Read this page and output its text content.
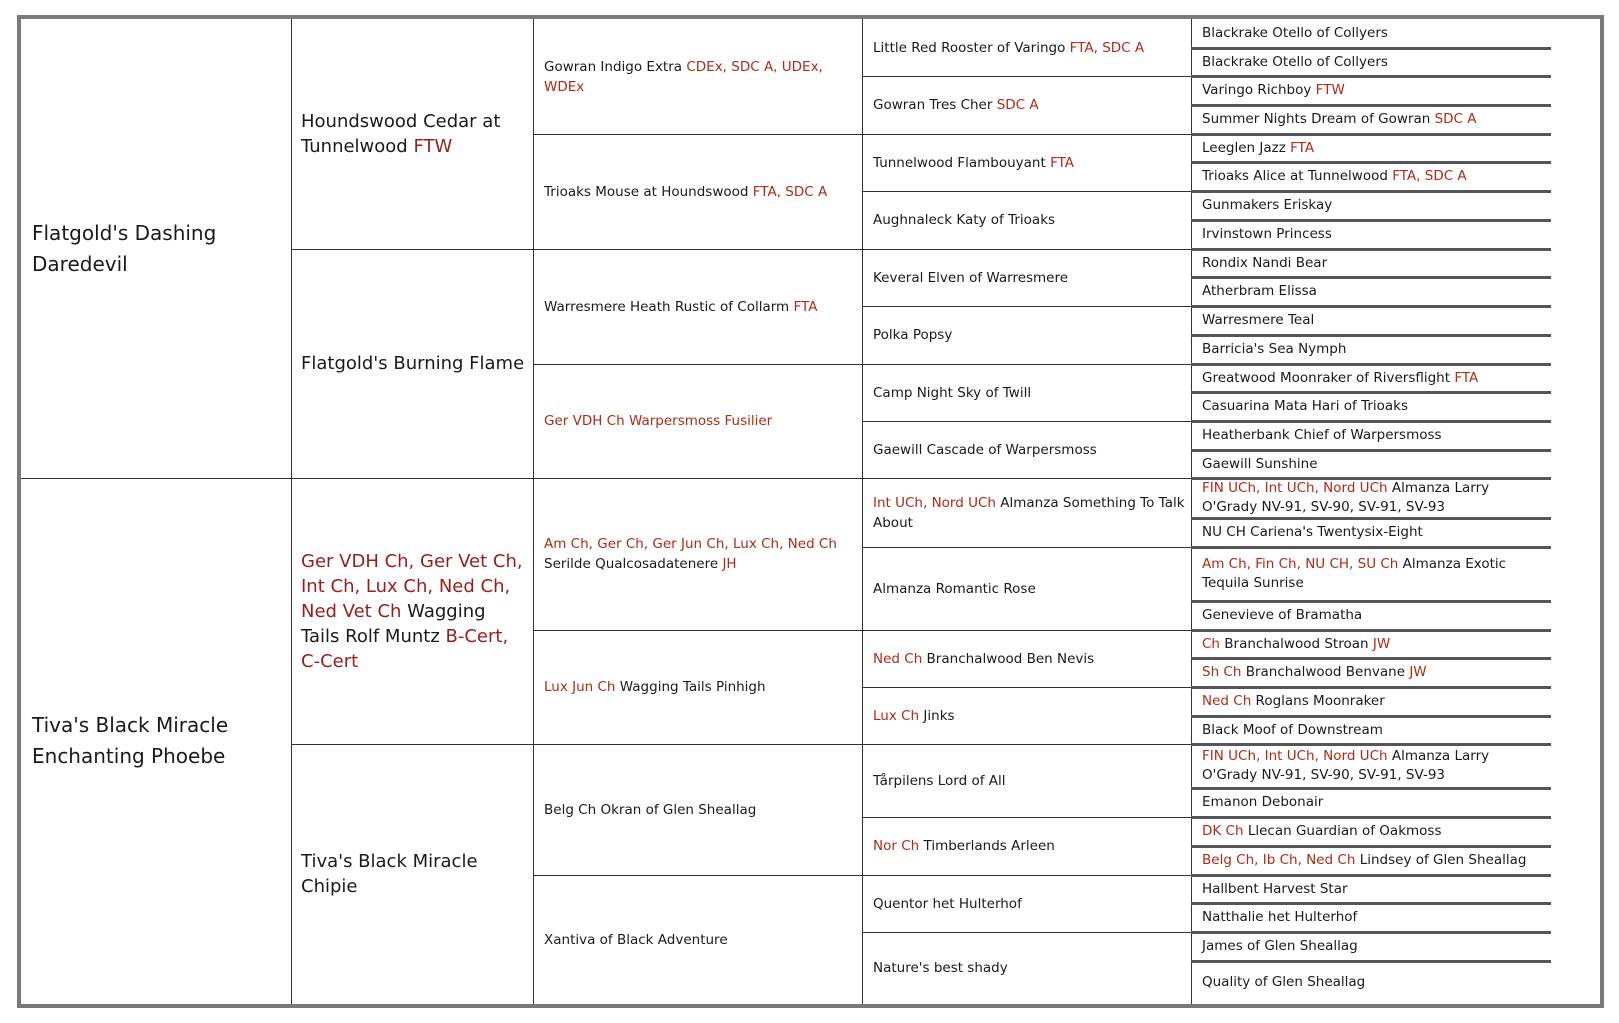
Flatgold's Dashing Daredevil
Tiva's Black Miracle Enchanting Phoebe
Houndswood Cedar at Tunnelwood FTW
Flatgold's Burning Flame
Ger VDH Ch, Ger Vet Ch, Int Ch, Lux Ch, Ned Ch, Ned Vet Ch Wagging Tails Rolf Muntz B-Cert, C-Cert
Tiva's Black Miracle Chipie
Gowran Indigo Extra CDEx, SDC A, UDEx, WDEx
Trioaks Mouse at Houndswood FTA, SDC A
Warresmere Heath Rustic of Collarm FTA
Ger VDH Ch Warpersmoss Fusilier
Am Ch, Ger Ch, Ger Jun Ch, Lux Ch, Ned Ch Serilde Qualcosadatenere JH
Lux Jun Ch Wagging Tails Pinhigh
Belg Ch Okran of Glen Sheallag
Xantiva of Black Adventure
Little Red Rooster of Varingo FTA, SDC A
Gowran Tres Cher SDC A
Tunnelwood Flambouyant FTA
Aughnaleck Katy of Trioaks
Keveral Elven of Warresmere
Polka Popsy
Camp Night Sky of Twill
Gaewill Cascade of Warpersmoss
Int UCh, Nord UCh Almanza Something To Talk About
Almanza Romantic Rose
Ned Ch Branchalwood Ben Nevis
Lux Ch Jinks
Tårpilens Lord of All
Nor Ch Timberlands Arleen
Quentor het Hulterhof
Nature's best shady
Blackrake Otello of Collyers
Blackrake Otello of Collyers
Varingo Richboy FTW
Summer Nights Dream of Gowran SDC A
Leeglen Jazz FTA
Trioaks Alice at Tunnelwood FTA, SDC A
Gunmakers Eriskay
Irvinstown Princess
Rondix Nandi Bear
Atherbram Elissa
Warresmere Teal
Barricia's Sea Nymph
Greatwood Moonraker of Riversflight FTA
Casuarina Mata Hari of Trioaks
Heatherbank Chief of Warpersmoss
Gaewill Sunshine
FIN UCh, Int UCh, Nord UCh Almanza Larry O'Grady NV-91, SV-90, SV-91, SV-93
NU CH Cariena's Twentysix-Eight
Am Ch, Fin Ch, NU CH, SU Ch Almanza Exotic Tequila Sunrise
Genevieve of Bramatha
Ch Branchalwood Stroan JW
Sh Ch Branchalwood Benvane JW
Ned Ch Roglans Moonraker
Black Moof of Downstream
FIN UCh, Int UCh, Nord UCh Almanza Larry O'Grady NV-91, SV-90, SV-91, SV-93
Emanon Debonair
DK Ch Llecan Guardian of Oakmoss
Belg Ch, Ib Ch, Ned Ch Lindsey of Glen Sheallag
Hallbent Harvest Star
Natthalie het Hulterhof
James of Glen Sheallag
Quality of Glen Sheallag
